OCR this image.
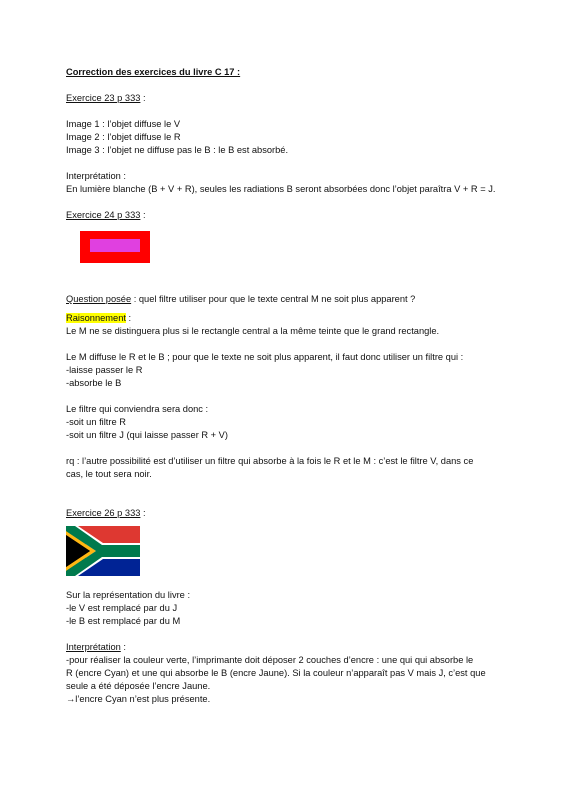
Correction des exercices du livre C 17 :
Exercice 23 p 333 :
Image 1 : l’objet diffuse le V
Image 2 : l’objet diffuse le R
Image 3 : l’objet ne diffuse pas le B : le B est absorbé.
Interprétation :
En lumière blanche (B + V + R), seules les radiations B seront absorbées donc l’objet paraîtra V + R = J.
Exercice 24 p 333 :
Question posée : quel filtre utiliser pour que le texte central M ne soit plus apparent ?
Raisonnement :
Le M ne se distinguera plus si le rectangle central a la même teinte que le grand rectangle.
Le M diffuse le R et le B ; pour que le texte ne soit plus apparent, il faut donc utiliser un filtre qui :
-laisse passer le R
-absorbe le B
Le filtre qui conviendra sera donc :
-soit un filtre R
-soit un filtre J (qui laisse passer R + V)
rq : l’autre possibilité est d’utiliser un filtre qui absorbe à la fois le R et le M : c’est le filtre V, dans ce
cas, le tout sera noir.
Exercice 26 p 333 :
Sur la représentation du livre :
-le V est remplacé par du J
-le B est remplacé par du M
Interprétation :
-pour réaliser la couleur verte, l’imprimante doit déposer 2 couches d’encre : une qui qui absorbe le
R (encre Cyan) et une qui absorbe le B (encre Jaune). Si la couleur n’apparaît pas V mais J, c’est que
seule a été déposée l’encre Jaune.
→l’encre Cyan n’est plus présente.
